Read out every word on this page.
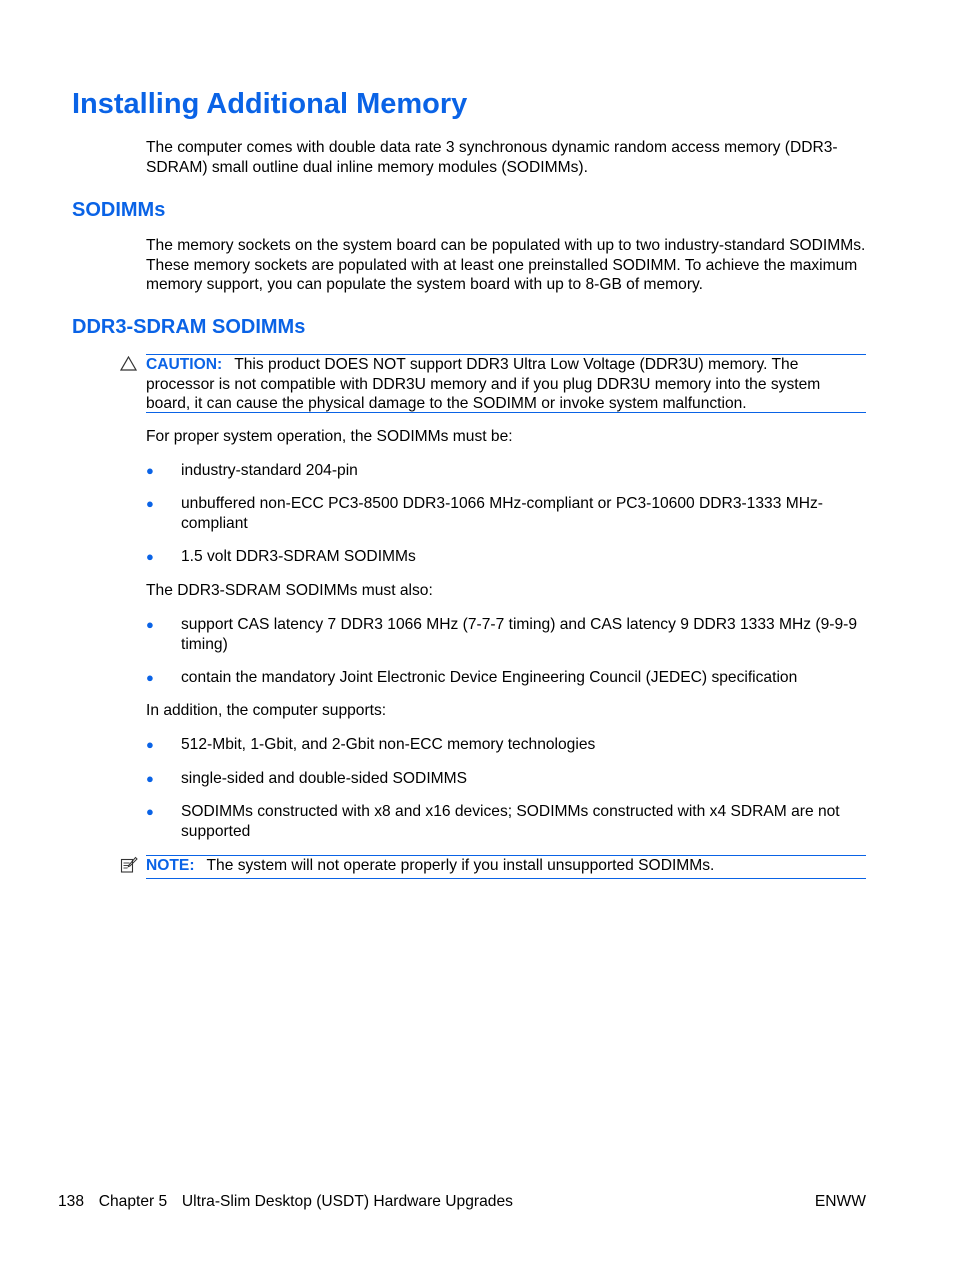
Installing Additional Memory

The computer comes with double data rate 3 synchronous dynamic random access memory (DDR3-SDRAM) small outline dual inline memory modules (SODIMMs).

SODIMMs

The memory sockets on the system board can be populated with up to two industry-standard SODIMMs. These memory sockets are populated with at least one preinstalled SODIMM. To achieve the maximum memory support, you can populate the system board with up to 8-GB of memory.

DDR3-SDRAM SODIMMs
CAUTION: This product DOES NOT support DDR3 Ultra Low Voltage (DDR3U) memory. The processor is not compatible with DDR3U memory and if you plug DDR3U memory into the system board, it can cause the physical damage to the SODIMM or invoke system malfunction.

For proper system operation, the SODIMMs must be:

● industry-standard 204-pin
● unbuffered non-ECC PC3-8500 DDR3-1066 MHz-compliant or PC3-10600 DDR3-1333 MHz-compliant
● 1.5 volt DDR3-SDRAM SODIMMs

The DDR3-SDRAM SODIMMs must also:

● support CAS latency 7 DDR3 1066 MHz (7-7-7 timing) and CAS latency 9 DDR3 1333 MHz (9-9-9 timing)
● contain the mandatory Joint Electronic Device Engineering Council (JEDEC) specification

In addition, the computer supports:

● 512-Mbit, 1-Gbit, and 2-Gbit non-ECC memory technologies
● single-sided and double-sided SODIMMS
● SODIMMs constructed with x8 and x16 devices; SODIMMs constructed with x4 SDRAM are not supported
NOTE: The system will not operate properly if you install unsupported SODIMMs.
138 Chapter 5 Ultra-Slim Desktop (USDT) Hardware Upgrades	ENWW
